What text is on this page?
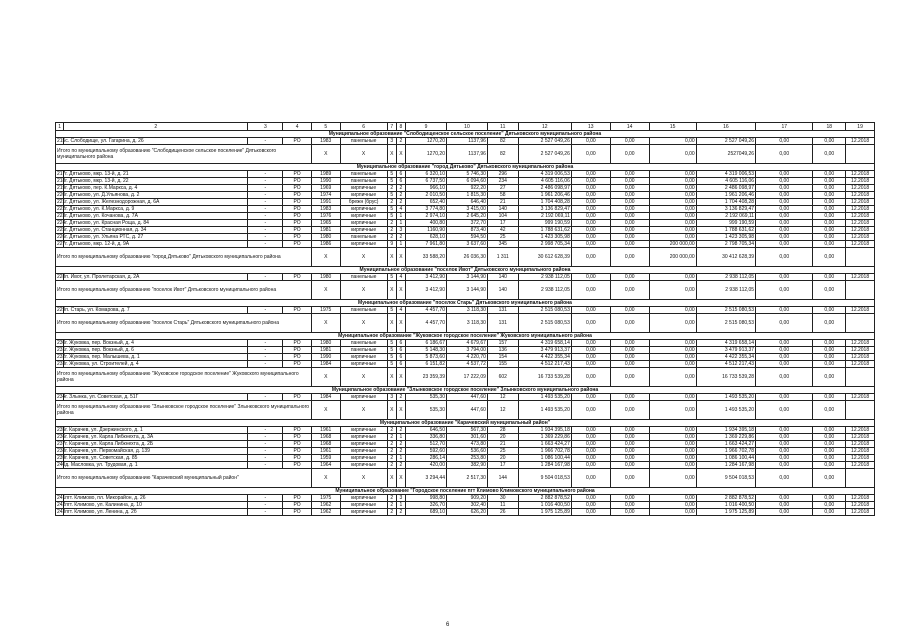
1	2	3	4	5	6	7	8	9	10	11	12	13	14	15	16	17	18	19
Муниципальное образование "Слободищенское сельское поселение" Дятьковского муниципального района																		
215	с. Слободище, ул. Гагарина, д. 26	-	РО	1983	панельные	3	2	1270,20	1137,96	82	2 527 049,26	0,00	0,00	0,00	2 527 049,26	0,00	0,00	12.2018
Итого по муниципальному образованию "Слободищенское сельское поселение" Дятьковского муниципального района				X	X	X	X	1270,20	1137,96	82	2 527 049,26	0,00	0,00	0,00	2527049,26	0,00	0,00	
Муниципальное образование "город Дятьково" Дятьковского муниципального района																		
217	г. Дятьково, мкр. 13-й, д. 21	-	РО	1989	панельные	5	6	6 320,10	5 746,30	296	4 319 006,53	0,00	0,00	0,00	4 319 006,53	0,00	0,00	12.2018
218	г. Дятьково, мкр. 13-й, д. 22	-	РО	1990	панельные	5	6	6 737,50	6 094,60	234	4 605 116,06	0,00	0,00	0,00	4 605 116,06	0,00	0,00	12.2018
219	г. Дятьково, пер. К.Маркса, д. 4	-	РО	1969	кирпичные	2	2	966,10	922,20	27	2 486 098,97	0,00	0,00	0,00	2 486 098,97	0,00	0,00	12.2018
220	г. Дятьково, ул. Д.Ульянова, д. 2	-	РО	1974	кирпичные	5	2	2 010,50	1 815,30	58	1 961 206,46	0,00	0,00	0,00	1 961 206,46	0,00	0,00	12.2018
221	г. Дятьково, ул. Железнодорожная, д. 6А	-	РО	1991	брежн (брус)	2	2	652,40	646,40	21	1 704 408,28	0,00	0,00	0,00	1 704 408,28	0,00	0,00	12.2018
222	г. Дятьково, ул. К.Маркса, д. 9	-	РО	1983	кирпичные	5	4	3 774,80	3 415,00	140	3 136 829,47	0,00	0,00	0,00	3 136 829,47	0,00	0,00	12.2018
223	г. Дятьково, ул. Кочанова, д. 7А	-	РО	1976	кирпичные	5	1	2 974,10	2 645,20	104	2 192 069,11	0,00	0,00	0,00	2 192 069,11	0,00	0,00	12.2018
224	г. Дятьково, ул. Красная Роща, д. 84	-	РО	1965	кирпичные	2	1	400,80	372,70	17	999 190,59	0,00	0,00	0,00	999 190,59	0,00	0,00	12.2018
225	г. Дятьково, ул. Станционная, д. 34	-	РО	1981	кирпичные	2	3	1160,90	873,40	42	1 788 631,62	0,00	0,00	0,00	1 788 631,62	0,00	0,00	12.2018
226	г. Дятьково, ул. Ульяна РТС, д. 27	-	РО	1980	панельные	2	2	628,10	594,50	25	1 423 305,98	0,00	0,00	0,00	1 423 305,98	0,00	0,00	12.2018
227	г. Дятьково, мкр. 12-й, д. 9А	-	РО	1986	кирпичные	9	1	7 961,80	3 637,60	345	2 998 705,34	0,00	0,00	200 000,00	2 798 705,34	0,00	0,00	12.2018
Итого по муниципальному образованию "город Дятьково" Дятьковского муниципального района				X	X	X	X	33 588,20	26 036,30	1 311	30 612 628,39	0,00	0,00	200 000,00	30 412 628,39	0,00	0,00	
Муниципальное образование "поселок Ивот" Дятьковского муниципального района																		
228	п. Ивот, ул. Пролетарская, д. 2А	-	РО	1980	панельные	5	4	3 412,90	3 144,90	140	2 938 112,05	0,00	0,00	0,00	2 938 112,05	0,00	0,00	12.2018
Итого по муниципальному образованию "поселок Ивот" Дятьковского муниципального района				X	X	X	X	3 412,90	3 144,90	140	2 938 112,05	0,00	0,00	0,00	2 938 112,05	0,00	0,00	
Муниципальное образование "поселок Старь" Дятьковского муниципального района																		
229	п. Старь, ул. Комарова, д. 7	-	РО	1975	панельные	5	4	4 457,70	3 118,30	131	2 515 080,53	0,00	0,00	0,00	2 515 080,53	0,00	0,00	12.2018
Итого по муниципальному образованию "поселок Старь" Дятьковского муниципального района				X	X	X	X	4 457,70	3 118,30	131	2 515 080,53	0,00	0,00	0,00	2 515 080,53	0,00	0,00	
Муниципальное образование "Жуковское городское поселение" Жуковского муниципального района																		
230	г. Жуковка, пер. Вокзный, д. 4	-	РО	1980	панельные	5	6	6 186,67	4 679,67	157	4 319 658,14	0,00	0,00	0,00	4 319 658,14	0,00	0,00	12.2018
231	г. Жуковка, пер. Вокзный, д. 6	-	РО	1981	панельные	5	6	5 148,30	3 794,00	136	3 479 913,37	0,00	0,00	0,00	3 479 913,37	0,00	0,00	12.2018
232	г. Жуковка, пер. Малышева, д. 1	-	РО	1990	кирпичные	5	6	5 873,60	4 220,70	154	4 422 355,34	0,00	0,00	0,00	4 422 355,34	0,00	0,00	12.2018
233	г. Жуковка, ул. Строителей, д. 4	-	РО	1984	кирпичные	5	6	6 151,82	4 537,72	155	4 512 217,43	0,00	0,00	0,00	4 512 217,43	0,00	0,00	12.2018
Итого по муниципальному образованию "Жуковское городское поселение" Жуковского муниципального района				X	X	X	X	23 359,39	17 222,09	602	16 733 539,28	0,00	0,00	0,00	16 733 539,28	0,00	0,00	
Муниципальное образование "Злынковское городское поселение" Злынковского муниципального района																		
234	г. Злынка, ул. Советская, д. 51Г	-	РО	1984	кирпичные	3	2	535,30	447,60	12	1 493 535,20	0,00	0,00	0,00	1 493 535,20	0,00	0,00	12.2018
Итого по муниципальному образованию "Злынковское городское поселение" Злынковского муниципального района				X	X	X	X	535,30	447,60	12	1 493 535,20	0,00	0,00	0,00	1 493 535,20	0,00	0,00	
Муниципальное образование "Карачевский муниципальный район"																		
235	г. Карачев, ул. Дзержинского, д. 1	-	РО	1961	кирпичные	2	2	646,50	567,30	28	1 934 395,18	0,00	0,00	0,00	1 934 395,18	0,00	0,00	12.2018
236	г. Карачев, ул. Карла Либкнехта, д. 3А	-	РО	1968	кирпичные	2	1	336,80	301,60	20	1 369 229,86	0,00	0,00	0,00	1 369 229,86	0,00	0,00	12.2018
237	г. Карачев, ул. Карла Либкнехта, д. 2Б	-	РО	1968	кирпичные	2	2	512,70	473,80	21	1 663 424,27	0,00	0,00	0,00	1 663 424,27	0,00	0,00	12.2018
238	г. Карачев, ул. Первомайская, д. 139	-	РО	1961	кирпичные	2	2	592,60	536,60	25	1 966 702,78	0,00	0,00	0,00	1 966 702,78	0,00	0,00	12.2018
239	г. Карачев, ул. Советская, д. 85	-	РО	1959	кирпичные	2	1	286,14	253,80	20	1 086 100,44	0,00	0,00	0,00	1 086 100,44	0,00	0,00	12.2018
240	д. Масловка, ул. Трудовая, д. 1	-	РО	1964	кирпичные	2	2	420,00	382,90	17	1 284 167,98	0,00	0,00	0,00	1 284 167,98	0,00	0,00	12.2018
Итого по муниципальному образованию "Карачевский муниципальный район"				X	X	X	X	3 294,44	2 517,30	144	9 504 018,53	0,00	0,00	0,00	9 504 018,53	0,00	0,00	
Муниципальное образование "Городское поселение пгт Климово Климовского муниципального района																		
241	пгт. Климово, пл. Микорайон, д. 26	-	РО	1975	кирпичные	2	3	998,80	909,20	30	2 882 878,52	0,00	0,00	0,00	2 882 878,52	0,00	0,00	12.2018
242	пгт. Климово, ул. Калинина, д. 10	-	РО	1962	кирпичные	2	1	326,70	302,40	11	1 016 400,50	0,00	0,00	0,00	1 016 400,50	0,00	0,00	12.2018
243	пгт. Климово, ул. Ленина, д. 2б	-	РО	1962	кирпичные	2	2	689,10	626,20	26	1 975 125,89	0,00	0,00	0,00	1 975 125,89	0,00	0,00	12.2018
6
